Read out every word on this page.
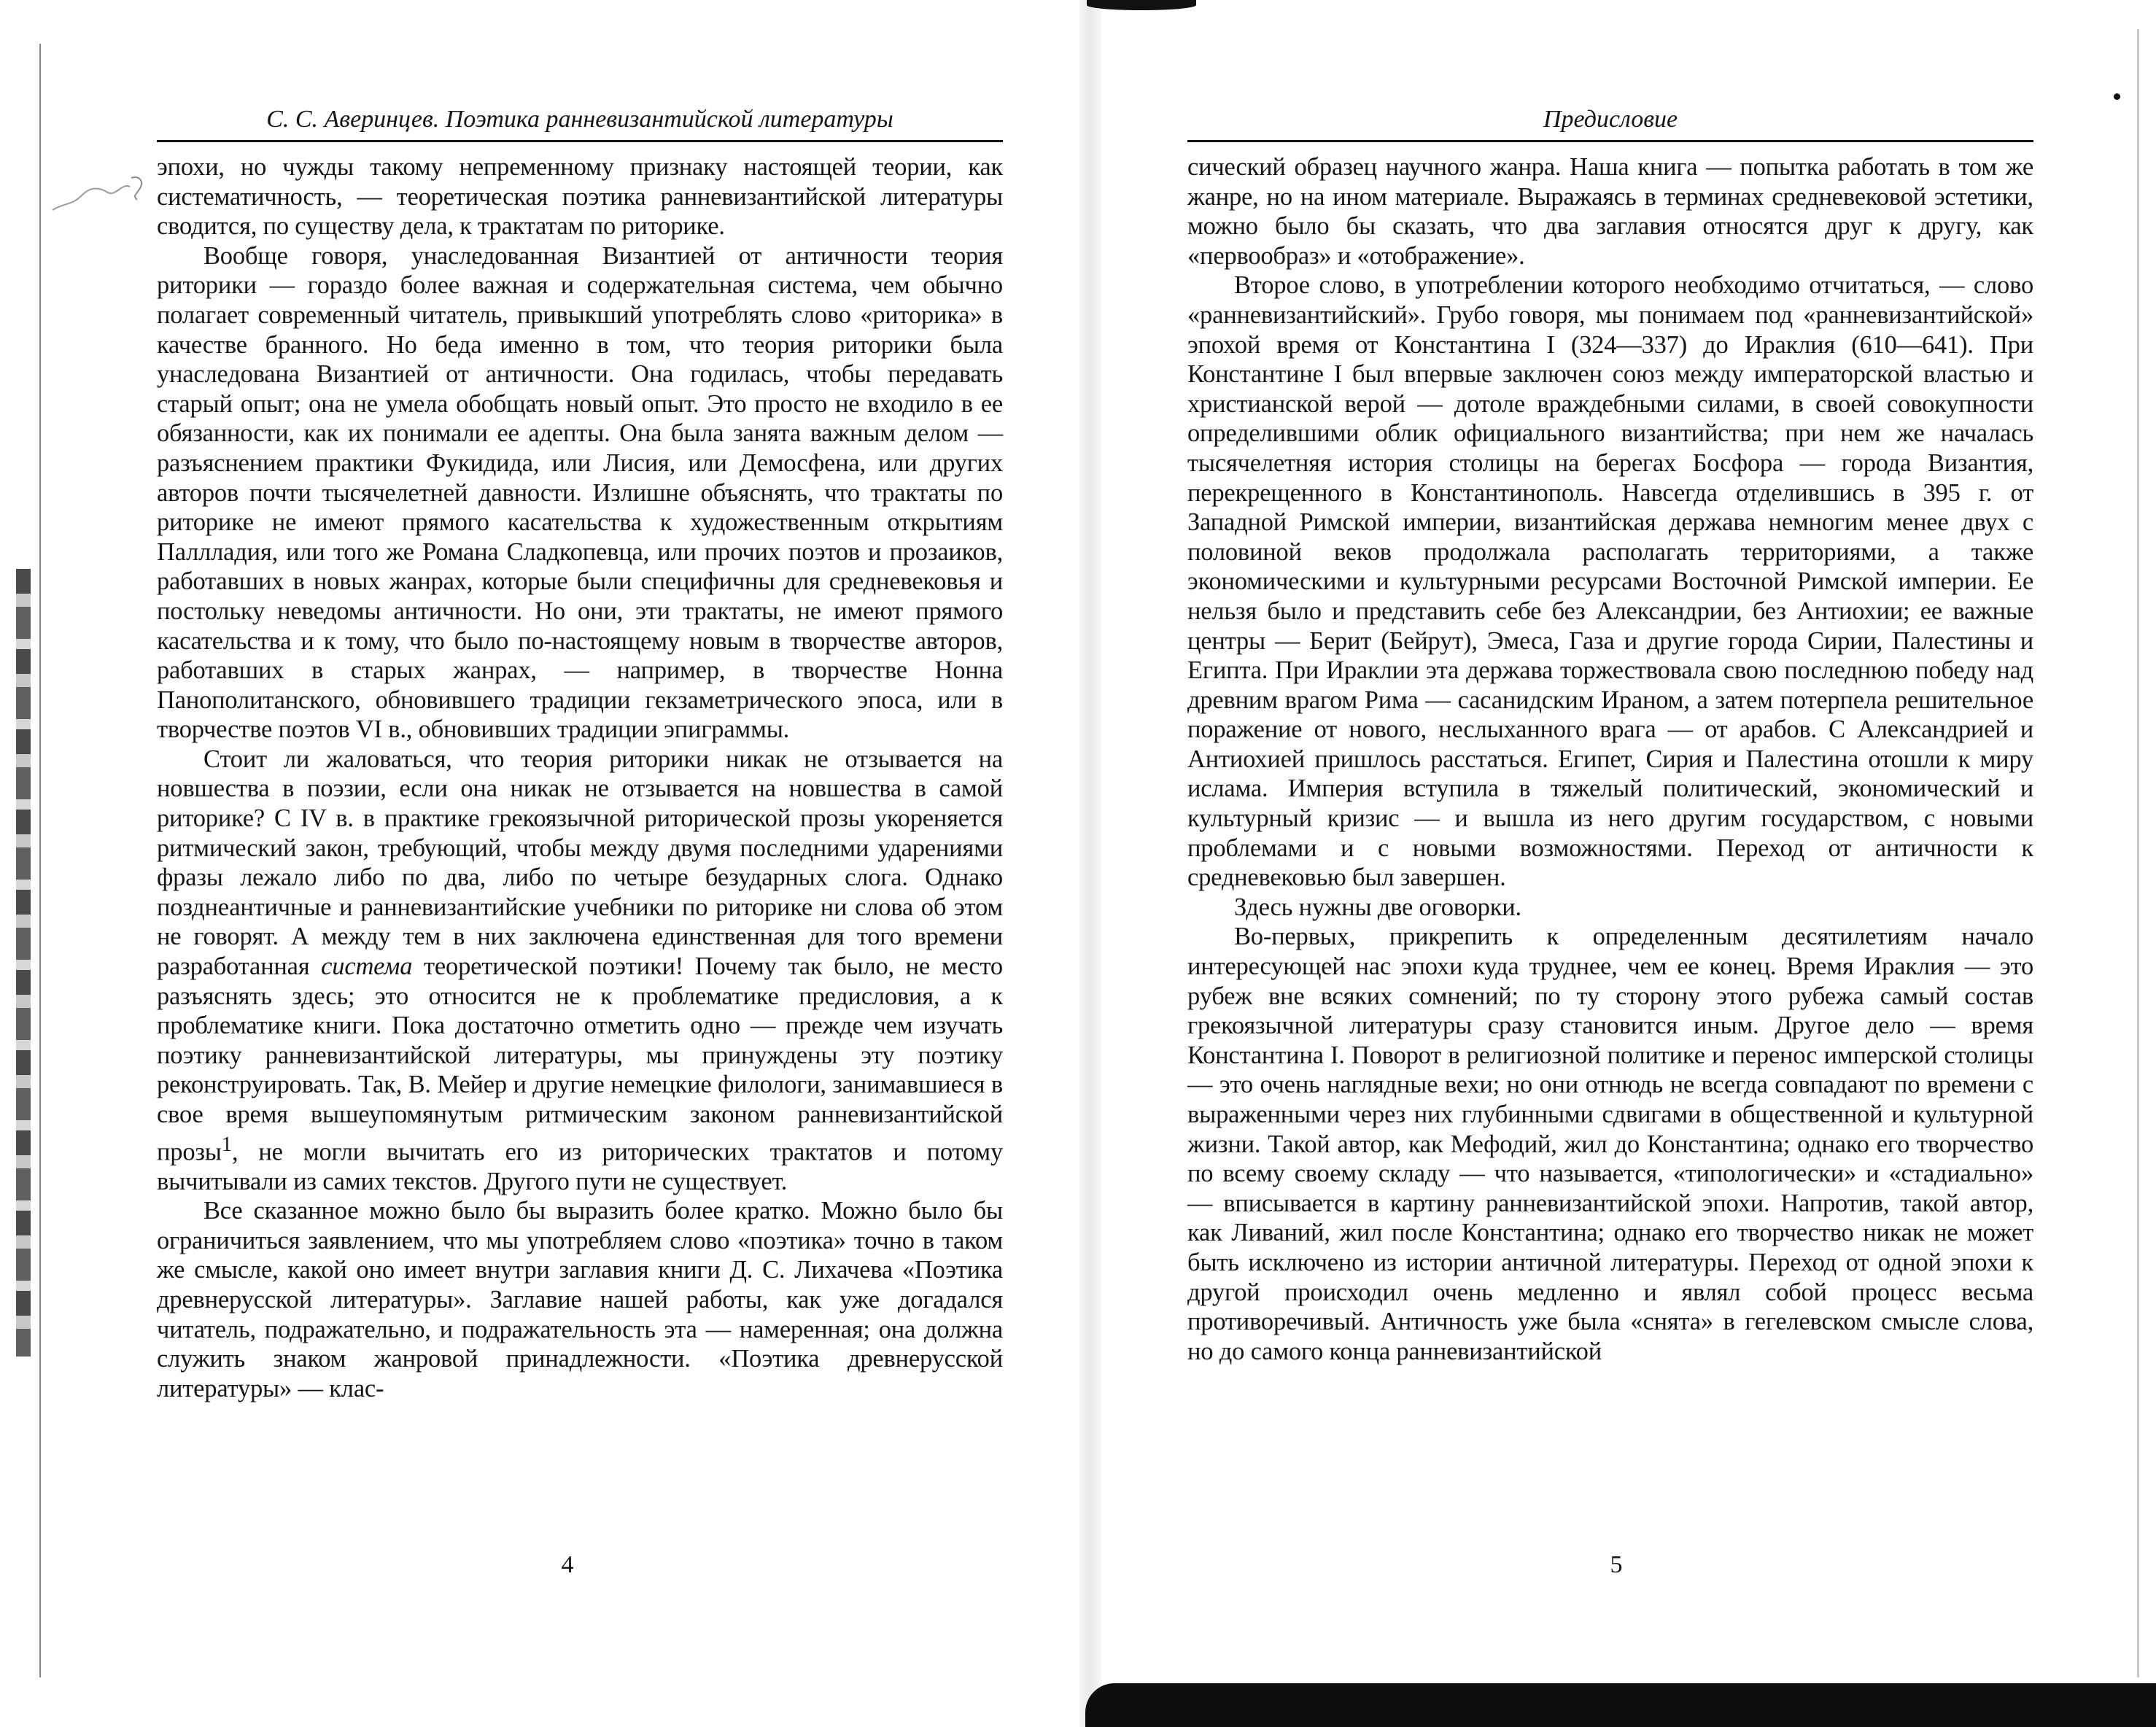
С. С. Аверинцев. Поэтика ранневизантийской литературы

эпохи, но чужды такому непременному признаку настоящей теории, как систематичность, — теоретическая поэтика ранневизантийской литературы сводится, по существу дела, к трактатам по риторике.

Вообще говоря, унаследованная Византией от античности теория риторики — гораздо более важная и содержательная система, чем обычно полагает современный читатель, привыкший употреблять слово «риторика» в качестве бранного. Но беда именно в том, что теория риторики была унаследована Византией от античности. Она годилась, чтобы передавать старый опыт; она не умела обобщать новый опыт. Это просто не входило в ее обязанности, как их понимали ее адепты. Она была занята важным делом — разъяснением практики Фукидида, или Лисия, или Демосфена, или других авторов почти тысячелетней давности. Излишне объяснять, что трактаты по риторике не имеют прямого касательства к художественным открытиям Паллладия, или того же Романа Сладкопевца, или прочих поэтов и прозаиков, работавших в новых жанрах, которые были специфичны для средневековья и постольку неведомы античности. Но они, эти трактаты, не имеют прямого касательства и к тому, что было по-настоящему новым в творчестве авторов, работавших в старых жанрах, — например, в творчестве Нонна Панополитанского, обновившего традиции гекзаметрического эпоса, или в творчестве поэтов VI в., обновивших традиции эпиграммы.

Стоит ли жаловаться, что теория риторики никак не отзывается на новшества в поэзии, если она никак не отзывается на новшества в самой риторике? С IV в. в практике грекоязычной риторической прозы укореняется ритмический закон, требующий, чтобы между двумя последними ударениями фразы лежало либо по два, либо по четыре безударных слога. Однако позднеантичные и ранневизантийские учебники по риторике ни слова об этом не говорят. А между тем в них заключена единственная для того времени разработанная система теоретической поэтики! Почему так было, не место разъяснять здесь; это относится не к проблематике предисловия, а к проблематике книги. Пока достаточно отметить одно — прежде чем изучать поэтику ранневизантийской литературы, мы принуждены эту поэтику реконструировать. Так, В. Мейер и другие немецкие филологи, занимавшиеся в свое время вышеупомянутым ритмическим законом ранневизантийской прозы$^1$, не могли вычитать его из риторических трактатов и потому вычитывали из самих текстов. Другого пути не существует.

Все сказанное можно было бы выразить более кратко. Можно было бы ограничиться заявлением, что мы употребляем слово «поэтика» точно в таком же смысле, какой оно имеет внутри заглавия книги Д. С. Лихачева «Поэтика древнерусской литературы». Заглавие нашей работы, как уже догадался читатель, подражательно, и подражательность эта — намеренная; она должна служить знаком жанровой принадлежности. «Поэтика древнерусской литературы» — клас-

4
Предисловие

сический образец научного жанра. Наша книга — попытка работать в том же жанре, но на ином материале. Выражаясь в терминах средневековой эстетики, можно было бы сказать, что два заглавия относятся друг к другу, как «первообраз» и «отображение».

Второе слово, в употреблении которого необходимо отчитаться, — слово «ранневизантийский». Грубо говоря, мы понимаем под «ранневизантийской» эпохой время от Константина I (324—337) до Ираклия (610—641). При Константине I был впервые заключен союз между императорской властью и христианской верой — дотоле враждебными силами, в своей совокупности определившими облик официального византийства; при нем же началась тысячелетняя история столицы на берегах Босфора — города Византия, перекрещенного в Константинополь. Навсегда отделившись в 395 г. от Западной Римской империи, византийская держава немногим менее двух с половиной веков продолжала располагать территориями, а также экономическими и культурными ресурсами Восточной Римской империи. Ее нельзя было и представить себе без Александрии, без Антиохии; ее важные центры — Берит (Бейрут), Эмеса, Газа и другие города Сирии, Палестины и Египта. При Ираклии эта держава торжествовала свою последнюю победу над древним врагом Рима — сасанидским Ираном, а затем потерпела решительное поражение от нового, неслыханного врага — от арабов. С Александрией и Антиохией пришлось расстаться. Египет, Сирия и Палестина отошли к миру ислама. Империя вступила в тяжелый политический, экономический и культурный кризис — и вышла из него другим государством, с новыми проблемами и с новыми возможностями. Переход от античности к средневековью был завершен.

Здесь нужны две оговорки.

Во-первых, прикрепить к определенным десятилетиям начало интересующей нас эпохи куда труднее, чем ее конец. Время Ираклия — это рубеж вне всяких сомнений; по ту сторону этого рубежа самый состав грекоязычной литературы сразу становится иным. Другое дело — время Константина I. Поворот в религиозной политике и перенос имперской столицы — это очень наглядные вехи; но они отнюдь не всегда совпадают по времени с выраженными через них глубинными сдвигами в общественной и культурной жизни. Такой автор, как Мефодий, жил до Константина; однако его творчество по всему своему складу — что называется, «типологически» и «стадиально» — вписывается в картину ранневизантийской эпохи. Напротив, такой автор, как Ливаний, жил после Константина; однако его творчество никак не может быть исключено из истории античной литературы. Переход от одной эпохи к другой происходил очень медленно и являл собой процесс весьма противоречивый. Античность уже была «снята» в гегелевском смысле слова, но до самого конца ранневизантийской

5
